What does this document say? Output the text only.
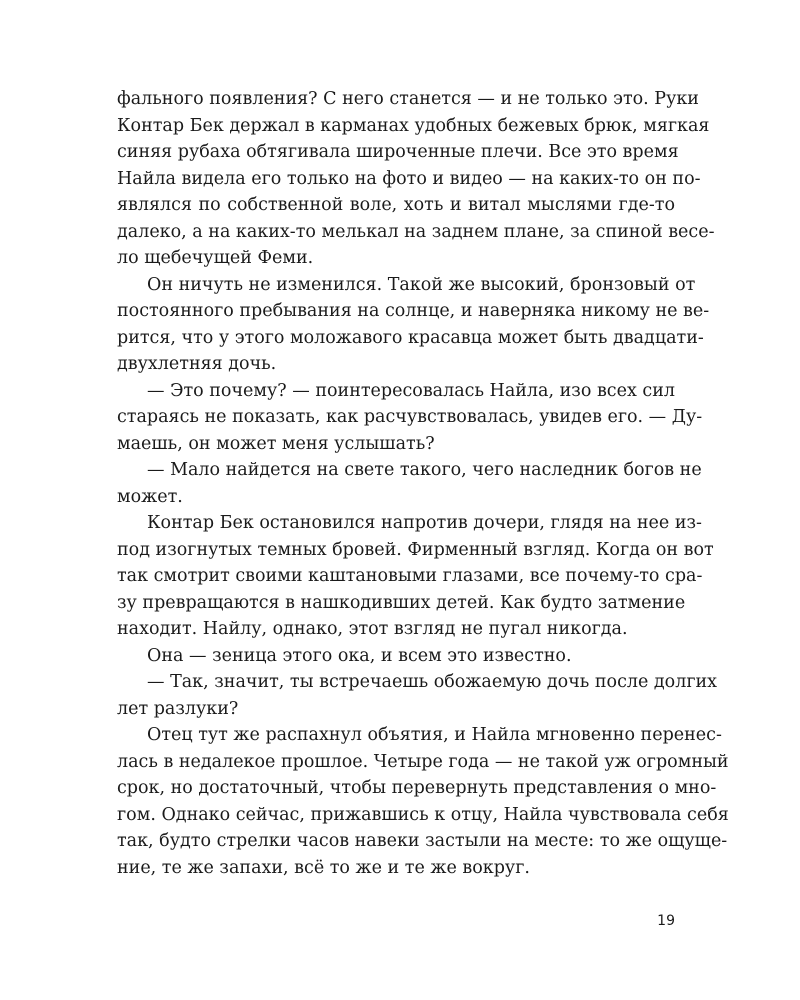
фального появления? С него станется — и не только это. Руки
Контар Бек держал в карманах удобных бежевых брюк, мягкая
синяя рубаха обтягивала широченные плечи. Все это время
Найла видела его только на фото и видео — на каких-то он по-
являлся по собственной воле, хоть и витал мыслями где-то
далеко, а на каких-то мелькал на заднем плане, за спиной весе-
ло щебечущей Феми.
Он ничуть не изменился. Такой же высокий, бронзовый от
постоянного пребывания на солнце, и наверняка никому не ве-
рится, что у этого моложавого красавца может быть двадцати-
двухлетняя дочь.
— Это почему? — поинтересовалась Найла, изо всех сил
стараясь не показать, как расчувствовалась, увидев его. — Ду-
маешь, он может меня услышать?
— Мало найдется на свете такого, чего наследник богов не
может.
Контар Бек остановился напротив дочери, глядя на нее из-
под изогнутых темных бровей. Фирменный взгляд. Когда он вот
так смотрит своими каштановыми глазами, все почему-то сра-
зу превращаются в нашкодивших детей. Как будто затмение
находит. Найлу, однако, этот взгляд не пугал никогда.
Она — зеница этого ока, и всем это известно.
— Так, значит, ты встречаешь обожаемую дочь после долгих
лет разлуки?
Отец тут же распахнул объятия, и Найла мгновенно перенес-
лась в недалекое прошлое. Четыре года — не такой уж огромный
срок, но достаточный, чтобы перевернуть представления о мно-
гом. Однако сейчас, прижавшись к отцу, Найла чувствовала себя
так, будто стрелки часов навеки застыли на месте: то же ощуще-
ние, те же запахи, всё то же и те же вокруг.
19
